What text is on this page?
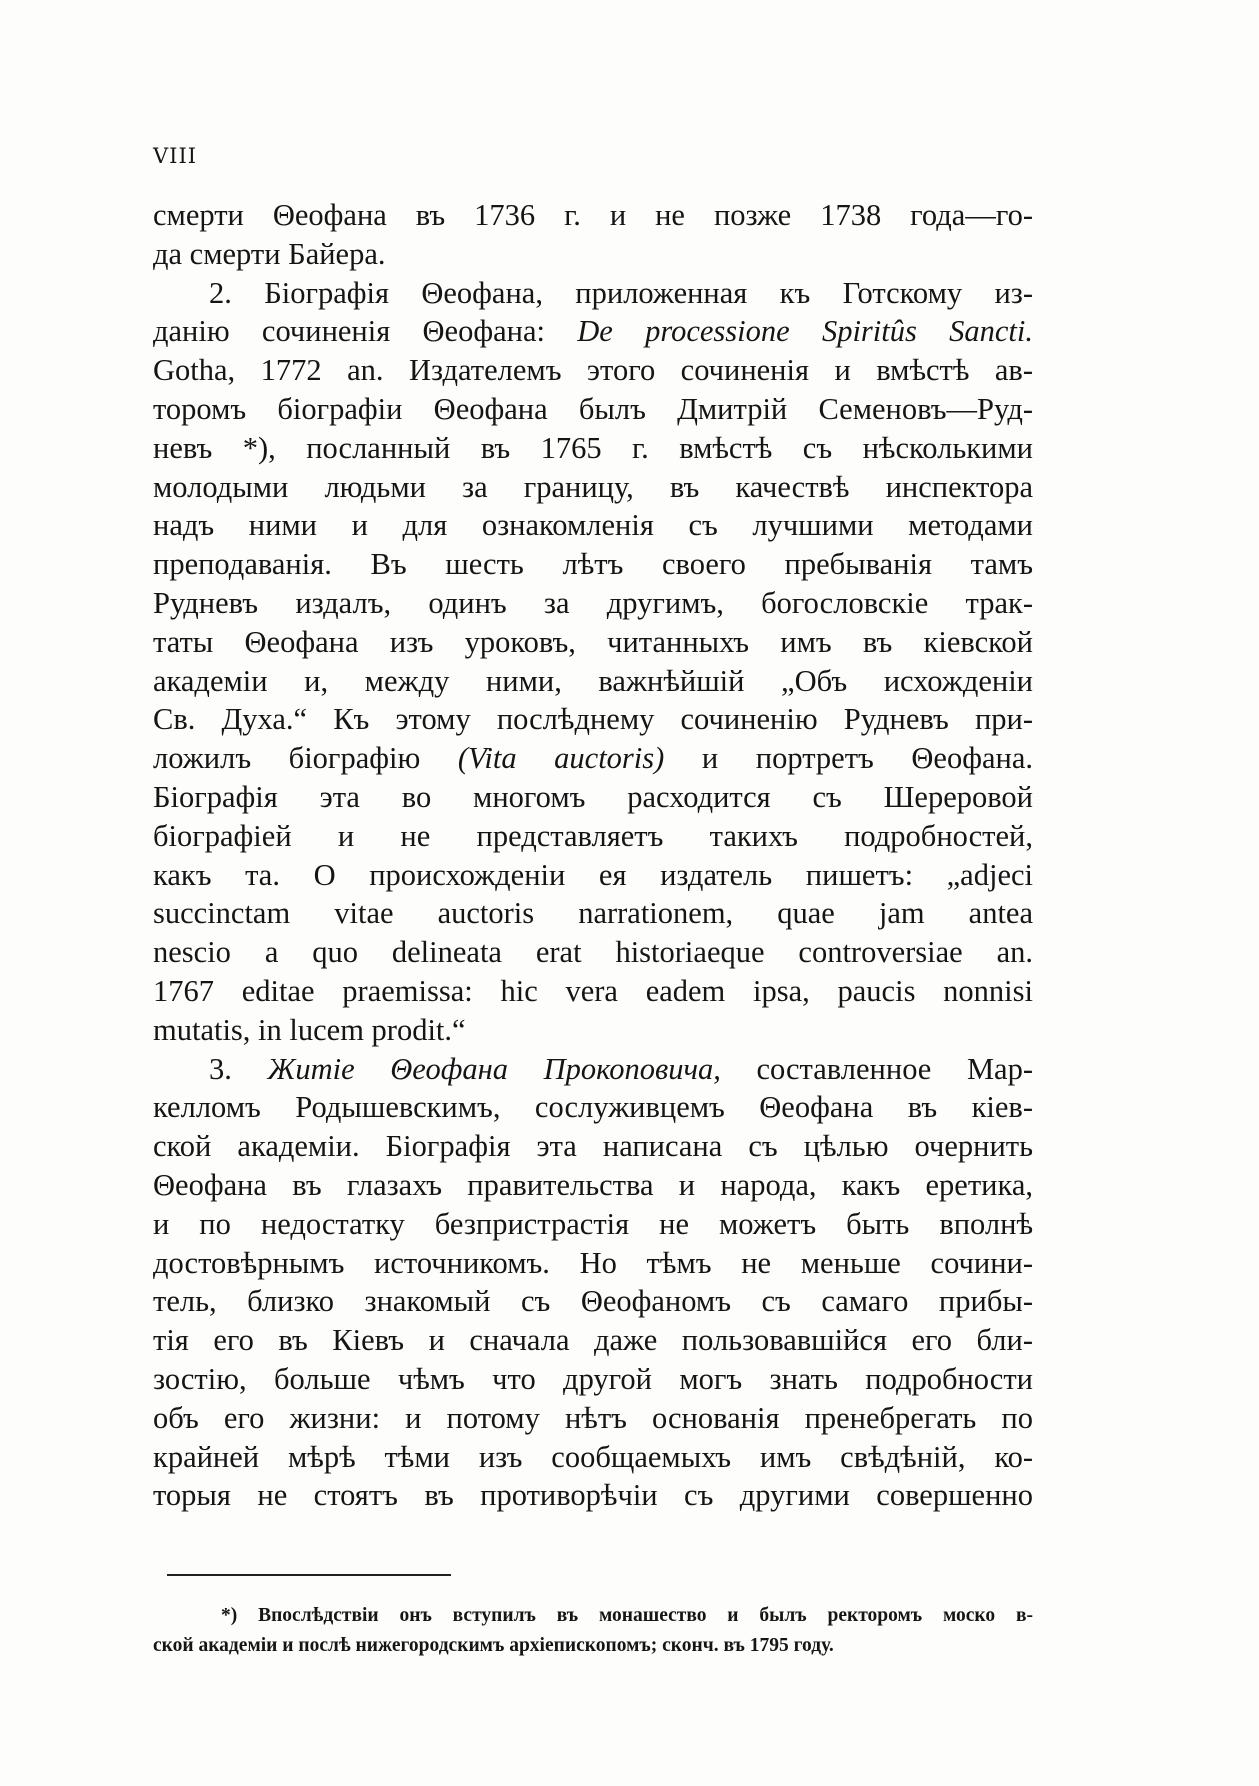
VIII
смерти Θеофана въ 1736 г. и не позже 1738 года—го-
да смерти Байера.
2. Біографія Θеофана, приложенная къ Готскому из-
данію сочиненія Θеофана: De processione Spiritûs Sancti.
Gotha, 1772 an. Издателемъ этого сочиненія и вмѣстѣ ав-
торомъ біографіи Θеофана былъ Дмитрій Семеновъ—Руд-
невъ *), посланный въ 1765 г. вмѣстѣ съ нѣсколькими
молодыми людьми за границу, въ качествѣ инспектора
надъ ними и для ознакомленія съ лучшими методами
преподаванія. Въ шесть лѣтъ своего пребыванія тамъ
Рудневъ издалъ, одинъ за другимъ, богословскіе трак-
таты Θеофана изъ уроковъ, читанныхъ имъ въ кіевской
академіи и, между ними, важнѣйшій „Объ исхожденіи
Св. Духа.“ Къ этому послѣднему сочиненію Рудневъ при-
ложилъ біографію (Vita auctoris) и портретъ Θеофана.
Біографія эта во многомъ расходится съ Шереровой
біографіей и не представляетъ такихъ подробностей,
какъ та. О происхожденіи ея издатель пишетъ: „adjeci
succinctam vitae auctoris narrationem, quae jam antea
nescio a quo delineata erat historiaeque controversiae an.
1767 editae praemissa: hic vera eadem ipsa, paucis nonnisi
mutatis, in lucem prodit.“
3. Житіе Θеофана Прокоповича, составленное Мар-
келломъ Родышевскимъ, сослуживцемъ Θеофана въ кіев-
ской академіи. Біографія эта написана съ цѣлью очернить
Θеофана въ глазахъ правительства и народа, какъ еретика,
и по недостатку безпристрастія не можетъ быть вполнѣ
достовѣрнымъ источникомъ. Но тѣмъ не меньше сочини-
тель, близко знакомый съ Θеофаномъ съ самаго прибы-
тія его въ Кіевъ и сначала даже пользовавшійся его бли-
зостію, больше чѣмъ что другой могъ знать подробности
объ его жизни: и потому нѣтъ основанія пренебрегать по
крайней мѣрѣ тѣми изъ сообщаемыхъ имъ свѣдѣній, ко-
торыя не стоятъ въ противорѣчіи съ другими совершенно
*) Впослѣдствіи онъ вступилъ въ монашество и былъ ректоромъ моско в-
ской академіи и послѣ нижегородскимъ архіепископомъ; сконч. въ 1795 году.
